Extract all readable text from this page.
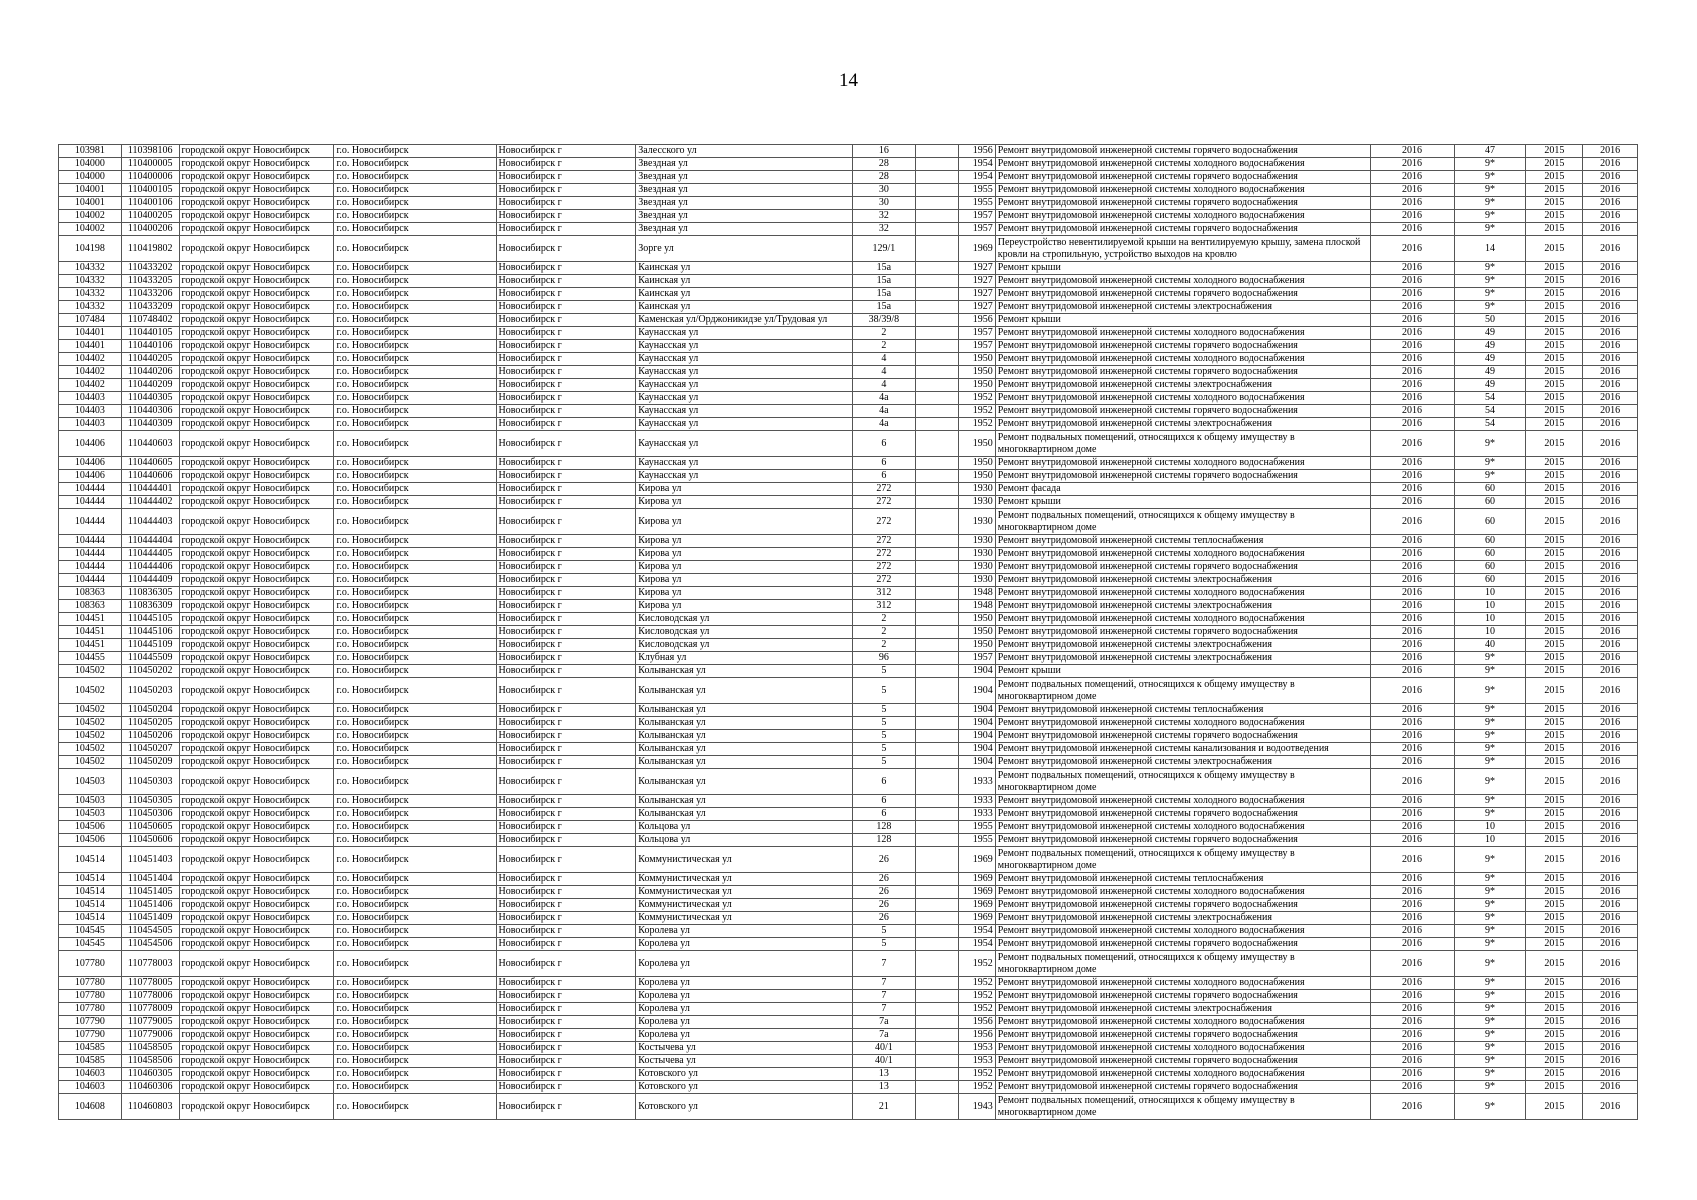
14
103981	110398106	городской округ Новосибирск	г.о. Новосибирск	Новосибирск г	Залесского ул	16		1956	Ремонт внутридомовой инженерной системы горячего водоснабжения	2016	47	2015	2016
104000	110400005	городской округ Новосибирск	г.о. Новосибирск	Новосибирск г	Звездная ул	28		1954	Ремонт внутридомовой инженерной системы холодного водоснабжения	2016	9*	2015	2016
104000	110400006	городской округ Новосибирск	г.о. Новосибирск	Новосибирск г	Звездная ул	28		1954	Ремонт внутридомовой инженерной системы горячего водоснабжения	2016	9*	2015	2016
104001	110400105	городской округ Новосибирск	г.о. Новосибирск	Новосибирск г	Звездная ул	30		1955	Ремонт внутридомовой инженерной системы холодного водоснабжения	2016	9*	2015	2016
104001	110400106	городской округ Новосибирск	г.о. Новосибирск	Новосибирск г	Звездная ул	30		1955	Ремонт внутридомовой инженерной системы горячего водоснабжения	2016	9*	2015	2016
104002	110400205	городской округ Новосибирск	г.о. Новосибирск	Новосибирск г	Звездная ул	32		1957	Ремонт внутридомовой инженерной системы холодного водоснабжения	2016	9*	2015	2016
104002	110400206	городской округ Новосибирск	г.о. Новосибирск	Новосибирск г	Звездная ул	32		1957	Ремонт внутридомовой инженерной системы горячего водоснабжения	2016	9*	2015	2016
104198	110419802	городской округ Новосибирск	г.о. Новосибирск	Новосибирск г	Зорге ул	129/1		1969	Переустройство невентилируемой крыши на вентилируемую крышу, замена плоской кровли на стропильную, устройство выходов на кровлю	2016	14	2015	2016
104332	110433202	городской округ Новосибирск	г.о. Новосибирск	Новосибирск г	Каинская ул	15а		1927	Ремонт крыши	2016	9*	2015	2016
104332	110433205	городской округ Новосибирск	г.о. Новосибирск	Новосибирск г	Каинская ул	15а		1927	Ремонт внутридомовой инженерной системы холодного водоснабжения	2016	9*	2015	2016
104332	110433206	городской округ Новосибирск	г.о. Новосибирск	Новосибирск г	Каинская ул	15а		1927	Ремонт внутридомовой инженерной системы горячего водоснабжения	2016	9*	2015	2016
104332	110433209	городской округ Новосибирск	г.о. Новосибирск	Новосибирск г	Каинская ул	15а		1927	Ремонт внутридомовой инженерной системы электроснабжения	2016	9*	2015	2016
107484	110748402	городской округ Новосибирск	г.о. Новосибирск	Новосибирск г	Каменская ул/Орджоникидзе ул/Трудовая ул	38/39/8		1956	Ремонт крыши	2016	50	2015	2016
104401	110440105	городской округ Новосибирск	г.о. Новосибирск	Новосибирск г	Каунасская ул	2		1957	Ремонт внутридомовой инженерной системы холодного водоснабжения	2016	49	2015	2016
104401	110440106	городской округ Новосибирск	г.о. Новосибирск	Новосибирск г	Каунасская ул	2		1957	Ремонт внутридомовой инженерной системы горячего водоснабжения	2016	49	2015	2016
104402	110440205	городской округ Новосибирск	г.о. Новосибирск	Новосибирск г	Каунасская ул	4		1950	Ремонт внутридомовой инженерной системы холодного водоснабжения	2016	49	2015	2016
104402	110440206	городской округ Новосибирск	г.о. Новосибирск	Новосибирск г	Каунасская ул	4		1950	Ремонт внутридомовой инженерной системы горячего водоснабжения	2016	49	2015	2016
104402	110440209	городской округ Новосибирск	г.о. Новосибирск	Новосибирск г	Каунасская ул	4		1950	Ремонт внутридомовой инженерной системы электроснабжения	2016	49	2015	2016
104403	110440305	городской округ Новосибирск	г.о. Новосибирск	Новосибирск г	Каунасская ул	4а		1952	Ремонт внутридомовой инженерной системы холодного водоснабжения	2016	54	2015	2016
104403	110440306	городской округ Новосибирск	г.о. Новосибирск	Новосибирск г	Каунасская ул	4а		1952	Ремонт внутридомовой инженерной системы горячего водоснабжения	2016	54	2015	2016
104403	110440309	городской округ Новосибирск	г.о. Новосибирск	Новосибирск г	Каунасская ул	4а		1952	Ремонт внутридомовой инженерной системы электроснабжения	2016	54	2015	2016
104406	110440603	городской округ Новосибирск	г.о. Новосибирск	Новосибирск г	Каунасская ул	6		1950	Ремонт подвальных помещений, относящихся к общему имуществу в многоквартирном доме	2016	9*	2015	2016
104406	110440605	городской округ Новосибирск	г.о. Новосибирск	Новосибирск г	Каунасская ул	6		1950	Ремонт внутридомовой инженерной системы холодного водоснабжения	2016	9*	2015	2016
104406	110440606	городской округ Новосибирск	г.о. Новосибирск	Новосибирск г	Каунасская ул	6		1950	Ремонт внутридомовой инженерной системы горячего водоснабжения	2016	9*	2015	2016
104444	110444401	городской округ Новосибирск	г.о. Новосибирск	Новосибирск г	Кирова ул	272		1930	Ремонт фасада	2016	60	2015	2016
104444	110444402	городской округ Новосибирск	г.о. Новосибирск	Новосибирск г	Кирова ул	272		1930	Ремонт крыши	2016	60	2015	2016
104444	110444403	городской округ Новосибирск	г.о. Новосибирск	Новосибирск г	Кирова ул	272		1930	Ремонт подвальных помещений, относящихся к общему имуществу в многоквартирном доме	2016	60	2015	2016
104444	110444404	городской округ Новосибирск	г.о. Новосибирск	Новосибирск г	Кирова ул	272		1930	Ремонт внутридомовой инженерной системы теплоснабжения	2016	60	2015	2016
104444	110444405	городской округ Новосибирск	г.о. Новосибирск	Новосибирск г	Кирова ул	272		1930	Ремонт внутридомовой инженерной системы холодного водоснабжения	2016	60	2015	2016
104444	110444406	городской округ Новосибирск	г.о. Новосибирск	Новосибирск г	Кирова ул	272		1930	Ремонт внутридомовой инженерной системы горячего водоснабжения	2016	60	2015	2016
104444	110444409	городской округ Новосибирск	г.о. Новосибирск	Новосибирск г	Кирова ул	272		1930	Ремонт внутридомовой инженерной системы электроснабжения	2016	60	2015	2016
108363	110836305	городской округ Новосибирск	г.о. Новосибирск	Новосибирск г	Кирова ул	312		1948	Ремонт внутридомовой инженерной системы холодного водоснабжения	2016	10	2015	2016
108363	110836309	городской округ Новосибирск	г.о. Новосибирск	Новосибирск г	Кирова ул	312		1948	Ремонт внутридомовой инженерной системы электроснабжения	2016	10	2015	2016
104451	110445105	городской округ Новосибирск	г.о. Новосибирск	Новосибирск г	Кисловодская ул	2		1950	Ремонт внутридомовой инженерной системы холодного водоснабжения	2016	10	2015	2016
104451	110445106	городской округ Новосибирск	г.о. Новосибирск	Новосибирск г	Кисловодская ул	2		1950	Ремонт внутридомовой инженерной системы горячего водоснабжения	2016	10	2015	2016
104451	110445109	городской округ Новосибирск	г.о. Новосибирск	Новосибирск г	Кисловодская ул	2		1950	Ремонт внутридомовой инженерной системы электроснабжения	2016	40	2015	2016
104455	110445509	городской округ Новосибирск	г.о. Новосибирск	Новосибирск г	Клубная ул	96		1957	Ремонт внутридомовой инженерной системы электроснабжения	2016	9*	2015	2016
104502	110450202	городской округ Новосибирск	г.о. Новосибирск	Новосибирск г	Колыванская ул	5		1904	Ремонт крыши	2016	9*	2015	2016
104502	110450203	городской округ Новосибирск	г.о. Новосибирск	Новосибирск г	Колыванская ул	5		1904	Ремонт подвальных помещений, относящихся к общему имуществу в многоквартирном доме	2016	9*	2015	2016
104502	110450204	городской округ Новосибирск	г.о. Новосибирск	Новосибирск г	Колыванская ул	5		1904	Ремонт внутридомовой инженерной системы теплоснабжения	2016	9*	2015	2016
104502	110450205	городской округ Новосибирск	г.о. Новосибирск	Новосибирск г	Колыванская ул	5		1904	Ремонт внутридомовой инженерной системы холодного водоснабжения	2016	9*	2015	2016
104502	110450206	городской округ Новосибирск	г.о. Новосибирск	Новосибирск г	Колыванская ул	5		1904	Ремонт внутридомовой инженерной системы горячего водоснабжения	2016	9*	2015	2016
104502	110450207	городской округ Новосибирск	г.о. Новосибирск	Новосибирск г	Колыванская ул	5		1904	Ремонт внутридомовой инженерной системы канализования и водоотведения	2016	9*	2015	2016
104502	110450209	городской округ Новосибирск	г.о. Новосибирск	Новосибирск г	Колыванская ул	5		1904	Ремонт внутридомовой инженерной системы электроснабжения	2016	9*	2015	2016
104503	110450303	городской округ Новосибирск	г.о. Новосибирск	Новосибирск г	Колыванская ул	6		1933	Ремонт подвальных помещений, относящихся к общему имуществу в многоквартирном доме	2016	9*	2015	2016
104503	110450305	городской округ Новосибирск	г.о. Новосибирск	Новосибирск г	Колыванская ул	6		1933	Ремонт внутридомовой инженерной системы холодного водоснабжения	2016	9*	2015	2016
104503	110450306	городской округ Новосибирск	г.о. Новосибирск	Новосибирск г	Колыванская ул	6		1933	Ремонт внутридомовой инженерной системы горячего водоснабжения	2016	9*	2015	2016
104506	110450605	городской округ Новосибирск	г.о. Новосибирск	Новосибирск г	Кольцова ул	128		1955	Ремонт внутридомовой инженерной системы холодного водоснабжения	2016	10	2015	2016
104506	110450606	городской округ Новосибирск	г.о. Новосибирск	Новосибирск г	Кольцова ул	128		1955	Ремонт внутридомовой инженерной системы горячего водоснабжения	2016	10	2015	2016
104514	110451403	городской округ Новосибирск	г.о. Новосибирск	Новосибирск г	Коммунистическая ул	26		1969	Ремонт подвальных помещений, относящихся к общему имуществу в многоквартирном доме	2016	9*	2015	2016
104514	110451404	городской округ Новосибирск	г.о. Новосибирск	Новосибирск г	Коммунистическая ул	26		1969	Ремонт внутридомовой инженерной системы теплоснабжения	2016	9*	2015	2016
104514	110451405	городской округ Новосибирск	г.о. Новосибирск	Новосибирск г	Коммунистическая ул	26		1969	Ремонт внутридомовой инженерной системы холодного водоснабжения	2016	9*	2015	2016
104514	110451406	городской округ Новосибирск	г.о. Новосибирск	Новосибирск г	Коммунистическая ул	26		1969	Ремонт внутридомовой инженерной системы горячего водоснабжения	2016	9*	2015	2016
104514	110451409	городской округ Новосибирск	г.о. Новосибирск	Новосибирск г	Коммунистическая ул	26		1969	Ремонт внутридомовой инженерной системы электроснабжения	2016	9*	2015	2016
104545	110454505	городской округ Новосибирск	г.о. Новосибирск	Новосибирск г	Королева ул	5		1954	Ремонт внутридомовой инженерной системы холодного водоснабжения	2016	9*	2015	2016
104545	110454506	городской округ Новосибирск	г.о. Новосибирск	Новосибирск г	Королева ул	5		1954	Ремонт внутридомовой инженерной системы горячего водоснабжения	2016	9*	2015	2016
107780	110778003	городской округ Новосибирск	г.о. Новосибирск	Новосибирск г	Королева ул	7		1952	Ремонт подвальных помещений, относящихся к общему имуществу в многоквартирном доме	2016	9*	2015	2016
107780	110778005	городской округ Новосибирск	г.о. Новосибирск	Новосибирск г	Королева ул	7		1952	Ремонт внутридомовой инженерной системы холодного водоснабжения	2016	9*	2015	2016
107780	110778006	городской округ Новосибирск	г.о. Новосибирск	Новосибирск г	Королева ул	7		1952	Ремонт внутридомовой инженерной системы горячего водоснабжения	2016	9*	2015	2016
107780	110778009	городской округ Новосибирск	г.о. Новосибирск	Новосибирск г	Королева ул	7		1952	Ремонт внутридомовой инженерной системы электроснабжения	2016	9*	2015	2016
107790	110779005	городской округ Новосибирск	г.о. Новосибирск	Новосибирск г	Королева ул	7а		1956	Ремонт внутридомовой инженерной системы холодного водоснабжения	2016	9*	2015	2016
107790	110779006	городской округ Новосибирск	г.о. Новосибирск	Новосибирск г	Королева ул	7а		1956	Ремонт внутридомовой инженерной системы горячего водоснабжения	2016	9*	2015	2016
104585	110458505	городской округ Новосибирск	г.о. Новосибирск	Новосибирск г	Костычева ул	40/1		1953	Ремонт внутридомовой инженерной системы холодного водоснабжения	2016	9*	2015	2016
104585	110458506	городской округ Новосибирск	г.о. Новосибирск	Новосибирск г	Костычева ул	40/1		1953	Ремонт внутридомовой инженерной системы горячего водоснабжения	2016	9*	2015	2016
104603	110460305	городской округ Новосибирск	г.о. Новосибирск	Новосибирск г	Котовского ул	13		1952	Ремонт внутридомовой инженерной системы холодного водоснабжения	2016	9*	2015	2016
104603	110460306	городской округ Новосибирск	г.о. Новосибирск	Новосибирск г	Котовского ул	13		1952	Ремонт внутридомовой инженерной системы горячего водоснабжения	2016	9*	2015	2016
104608	110460803	городской округ Новосибирск	г.о. Новосибирск	Новосибирск г	Котовского ул	21		1943	Ремонт подвальных помещений, относящихся к общему имуществу в многоквартирном доме	2016	9*	2015	2016
